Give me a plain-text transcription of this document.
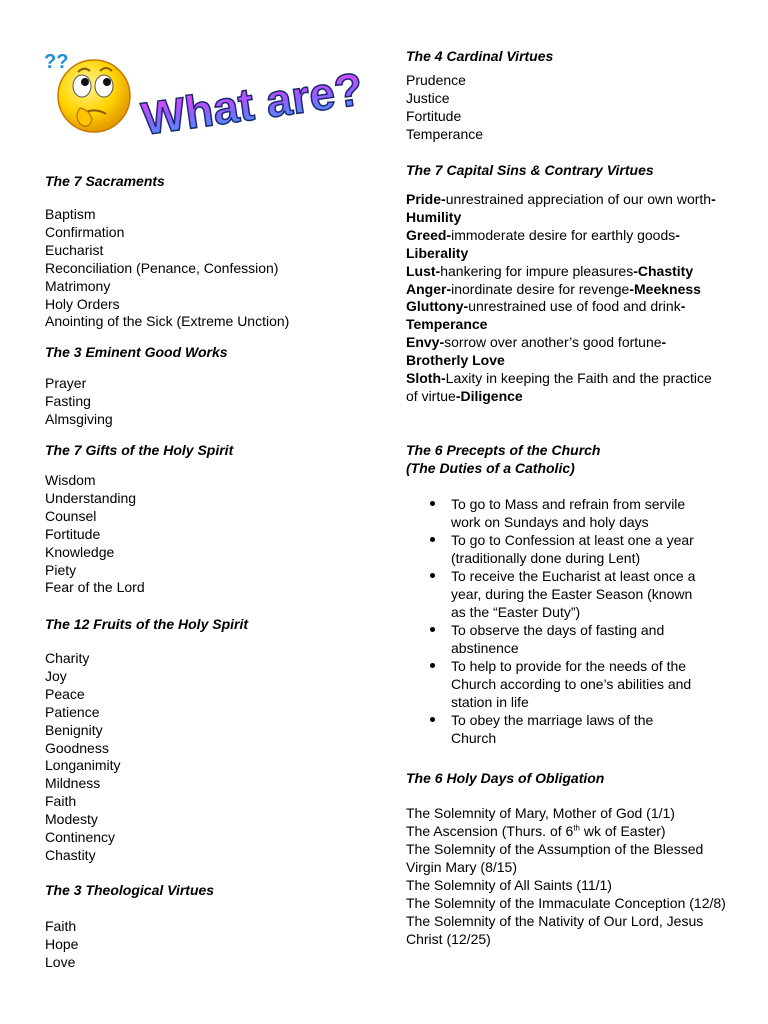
??
What are?
The 7 Sacraments
Baptism
Confirmation
Eucharist
Reconciliation (Penance, Confession)
Matrimony
Holy Orders
Anointing of the Sick (Extreme Unction)
The 3 Eminent Good Works
Prayer
Fasting
Almsgiving
The 7 Gifts of the Holy Spirit
Wisdom
Understanding
Counsel
Fortitude
Knowledge
Piety
Fear of the Lord
The 12 Fruits of the Holy Spirit
Charity
Joy
Peace
Patience
Benignity
Goodness
Longanimity
Mildness
Faith
Modesty
Continency
Chastity
The 3 Theological Virtues
Faith
Hope
Love
The 4 Cardinal Virtues
Prudence
Justice
Fortitude
Temperance
The 7 Capital Sins & Contrary Virtues
Pride-unrestrained appreciation of our own worth-Humility
Greed-immoderate desire for earthly goods-Liberality
Lust-hankering for impure pleasures-Chastity
Anger-inordinate desire for revenge-Meekness
Gluttony-unrestrained use of food and drink-Temperance
Envy-sorrow over another’s good fortune-Brotherly Love
Sloth-Laxity in keeping the Faith and the practice of virtue-Diligence
The 6 Precepts of the Church
(The Duties of a Catholic)
To go to Mass and refrain from servile work on Sundays and holy days
To go to Confession at least one a year (traditionally done during Lent)
To receive the Eucharist at least once a year, during the Easter Season (known as the “Easter Duty”)
To observe the days of fasting and abstinence
To help to provide for the needs of the Church according to one’s abilities and station in life
To obey the marriage laws of the Church
The 6 Holy Days of Obligation
The Solemnity of Mary, Mother of God (1/1)
The Ascension (Thurs. of 6th wk of Easter)
The Solemnity of the Assumption of the Blessed Virgin Mary (8/15)
The Solemnity of All Saints (11/1)
The Solemnity of the Immaculate Conception (12/8)
The Solemnity of the Nativity of Our Lord, Jesus Christ (12/25)
